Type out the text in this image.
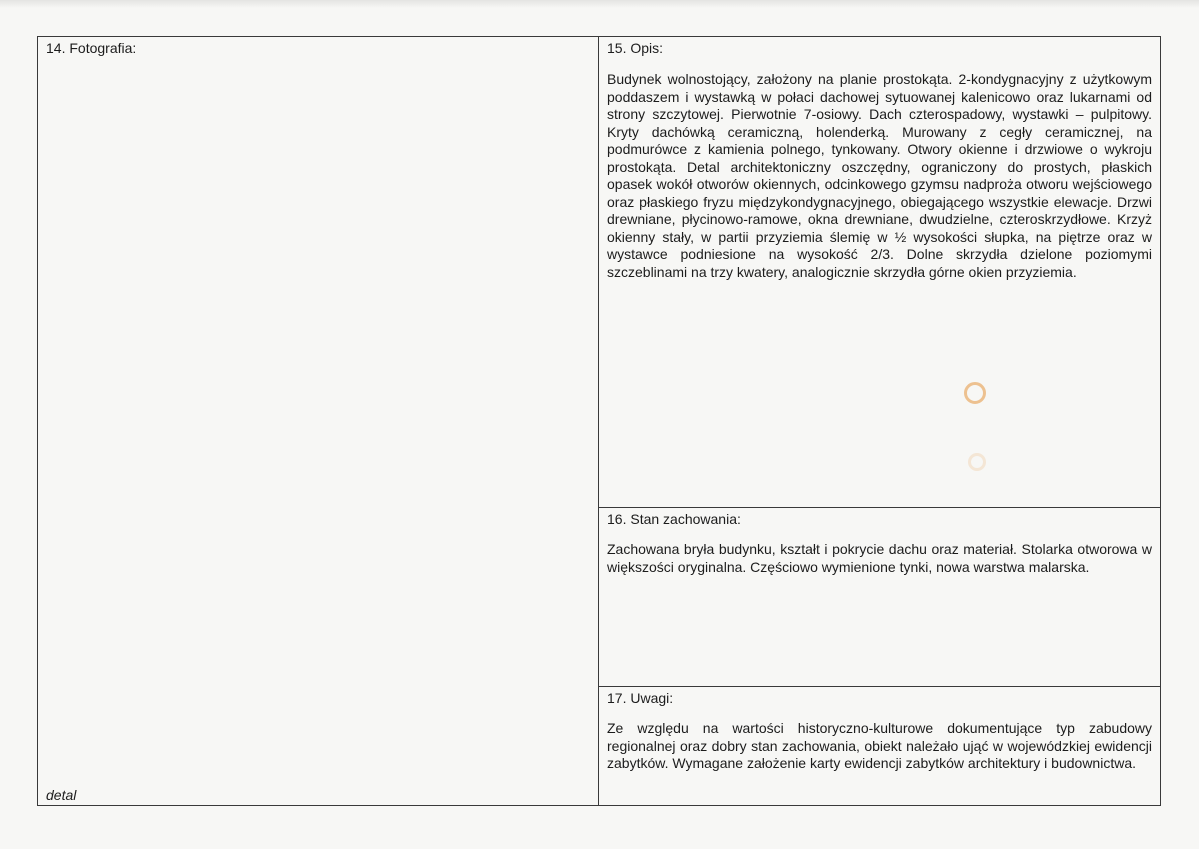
14. Fotografia:
detal
15. Opis:
Budynek wolnostojący, założony na planie prostokąta. 2-kondygnacyjny z użytkowym poddaszem i wystawką w połaci dachowej sytuowanej kalenicowo oraz lukarnami od strony szczytowej. Pierwotnie 7-osiowy. Dach czterospadowy, wystawki – pulpitowy. Kryty dachówką ceramiczną, holenderką. Murowany z cegły ceramicznej, na podmurówce z kamienia polnego, tynkowany. Otwory okienne i drzwiowe o wykroju prostokąta. Detal architektoniczny oszczędny, ograniczony do prostych, płaskich opasek wokół otworów okiennych, odcinkowego gzymsu nadproża otworu wejściowego oraz płaskiego fryzu międzykondygnacyjnego, obiegającego wszystkie elewacje. Drzwi drewniane, płycinowo-ramowe, okna drewniane, dwudzielne, czteroskrzydłowe. Krzyż okienny stały, w partii przyziemia ślemię w ½ wysokości słupka, na piętrze oraz w wystawce podniesione na wysokość 2/3. Dolne skrzydła dzielone poziomymi szczeblinami na trzy kwatery, analogicznie skrzydła górne okien przyziemia.
16. Stan zachowania:
Zachowana bryła budynku, kształt i pokrycie dachu oraz materiał. Stolarka otworowa w większości oryginalna. Częściowo wymienione tynki, nowa warstwa malarska.
17. Uwagi:
Ze względu na wartości historyczno-kulturowe dokumentujące typ zabudowy regionalnej oraz dobry stan zachowania, obiekt należało ująć w wojewódzkiej ewidencji zabytków. Wymagane założenie karty ewidencji zabytków architektury i budownictwa.
